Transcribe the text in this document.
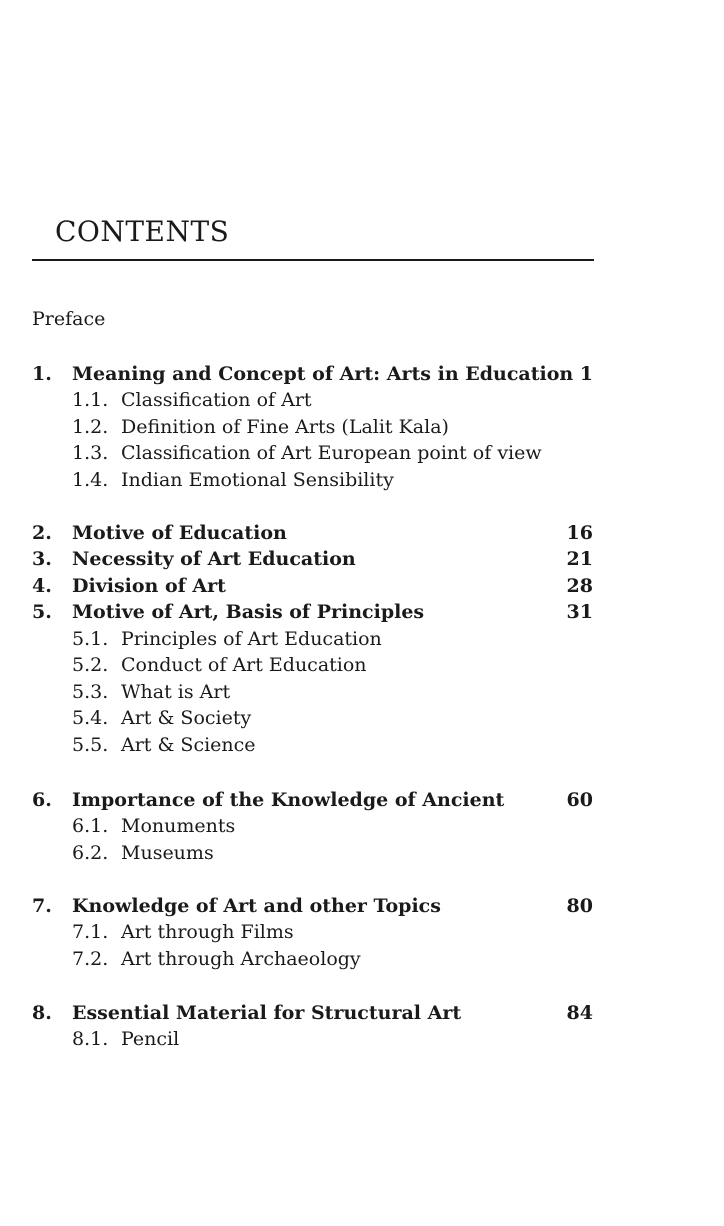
CONTENTS
Preface
1. Meaning and Concept of Art: Arts in Education 1
1.1. Classification of Art
1.2. Definition of Fine Arts (Lalit Kala)
1.3. Classification of Art European point of view
1.4. Indian Emotional Sensibility
2. Motive of Education	16
3. Necessity of Art Education	21
4. Division of Art	28
5. Motive of Art, Basis of Principles	31
5.1. Principles of Art Education
5.2. Conduct of Art Education
5.3. What is Art
5.4. Art & Society
5.5. Art & Science
6. Importance of the Knowledge of Ancient	60
6.1. Monuments
6.2. Museums
7. Knowledge of Art and other Topics	80
7.1. Art through Films
7.2. Art through Archaeology
8. Essential Material for Structural Art	84
8.1. Pencil
